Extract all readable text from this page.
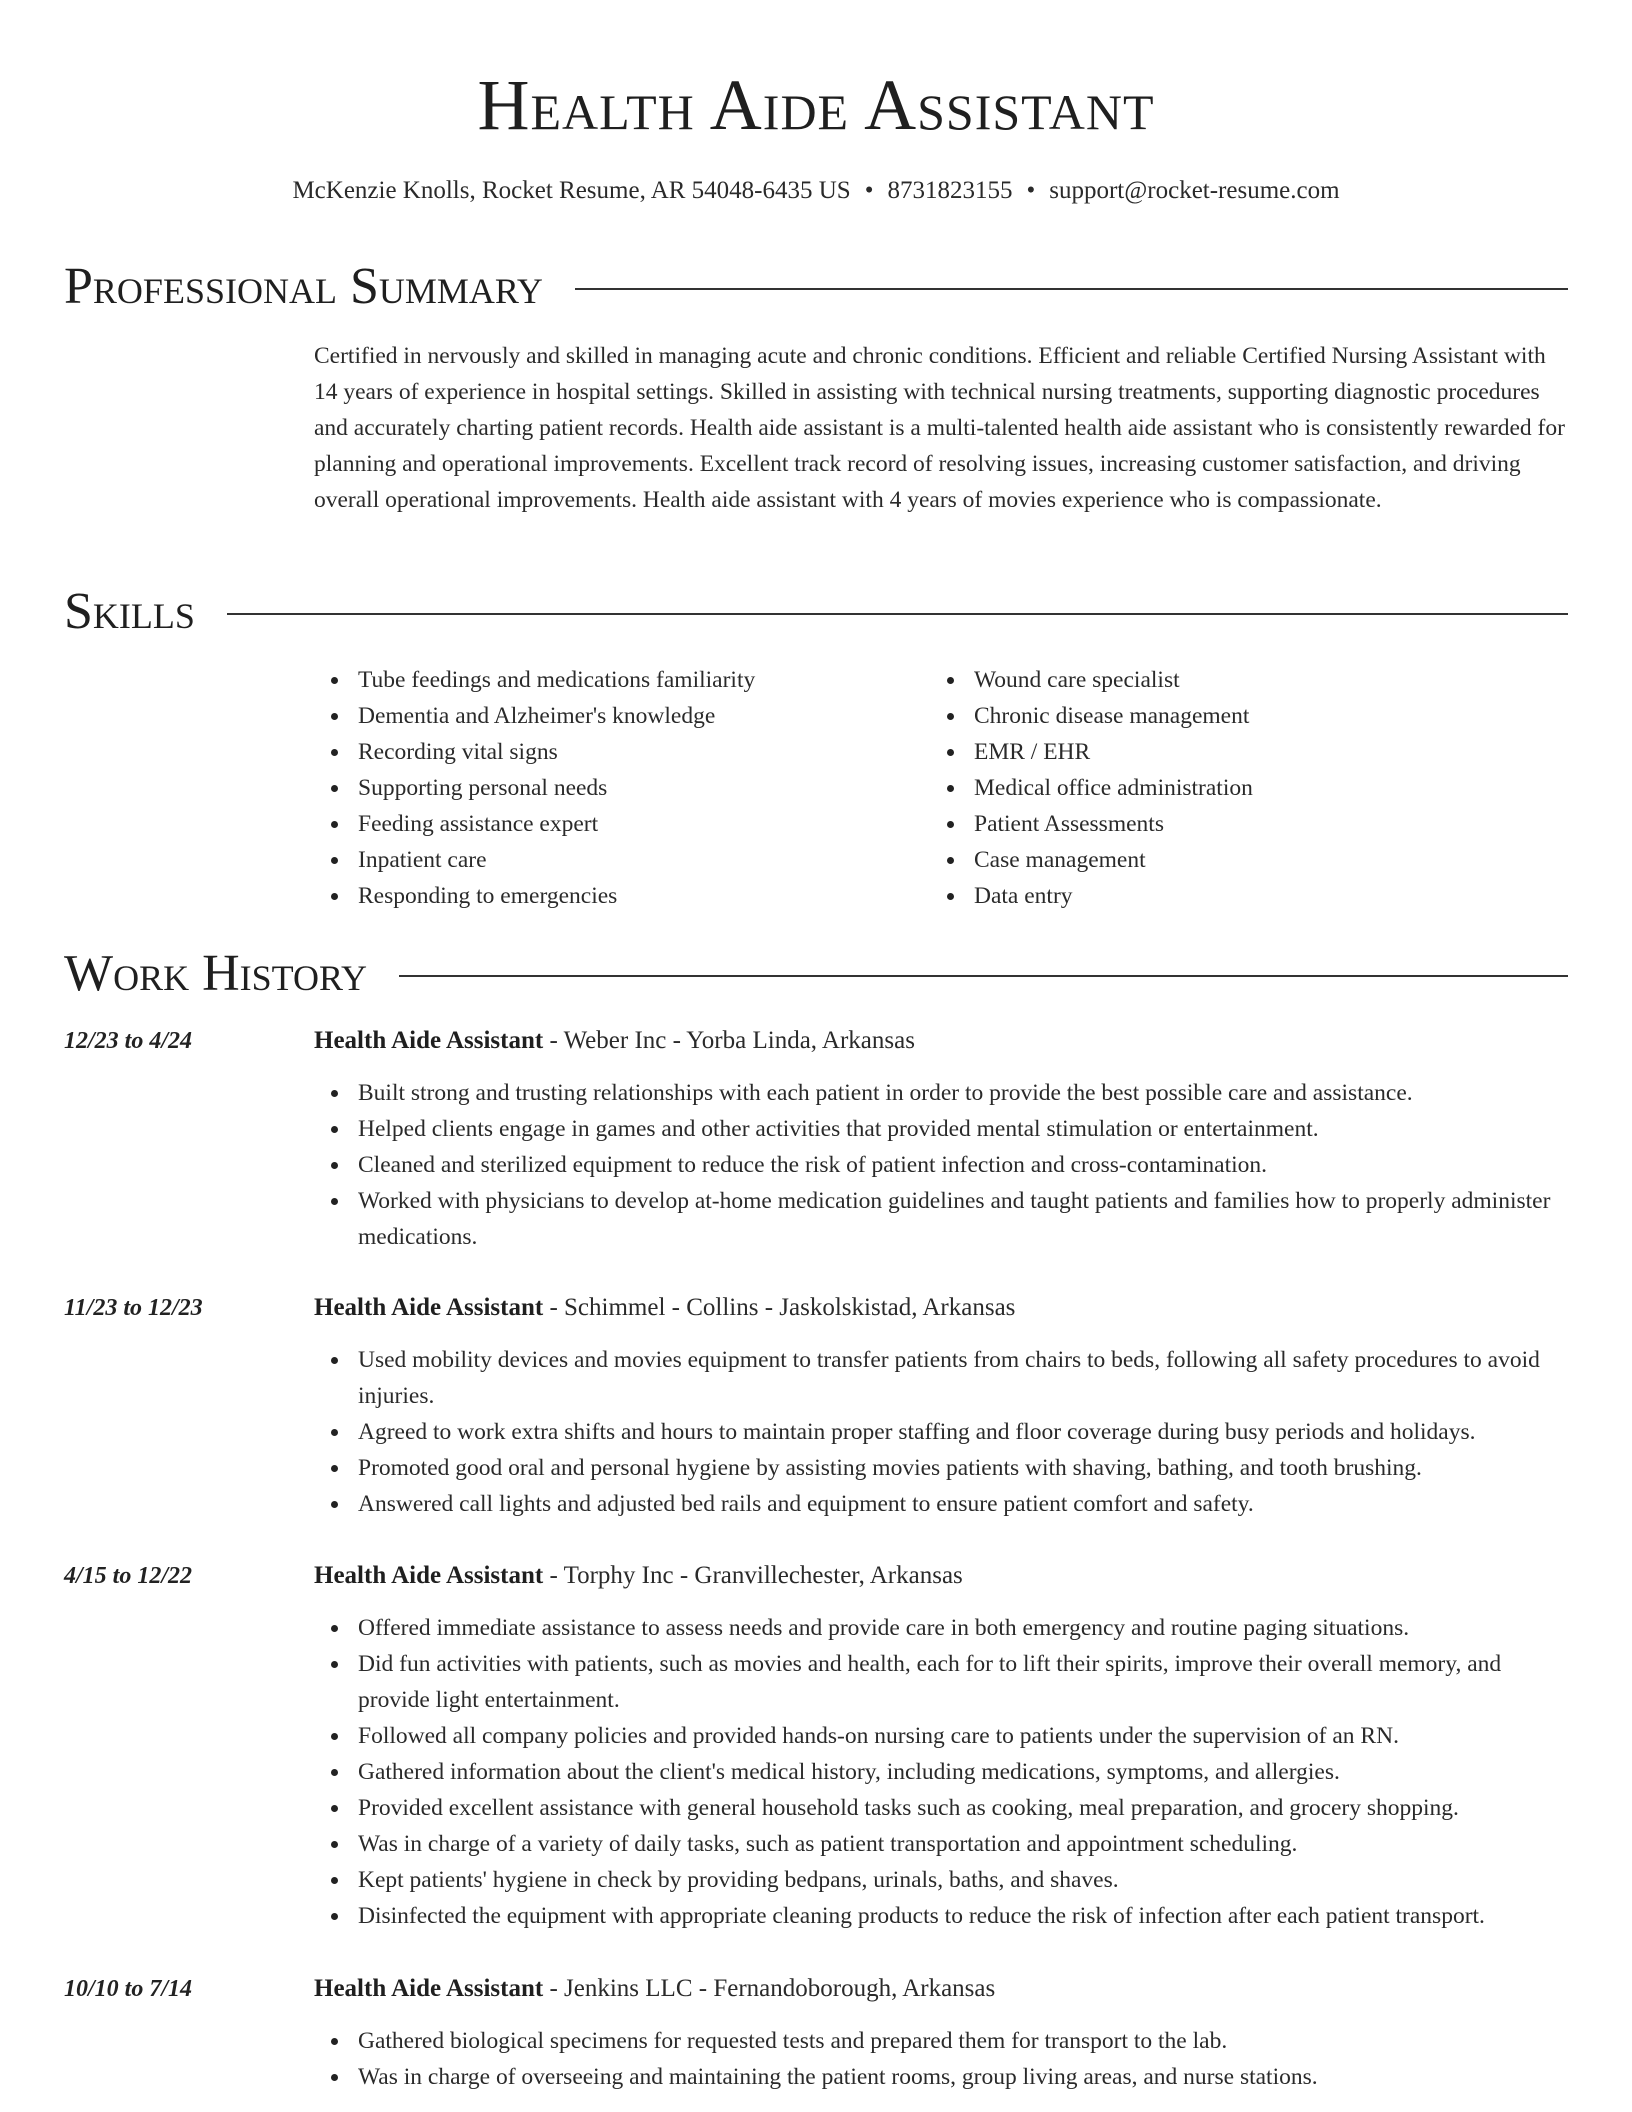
Health Aide Assistant
McKenzie Knolls, Rocket Resume, AR 54048-6435 US • 8731823155 • support@rocket-resume.com
Professional Summary
Certified in nervously and skilled in managing acute and chronic conditions. Efficient and reliable Certified Nursing Assistant with 14 years of experience in hospital settings. Skilled in assisting with technical nursing treatments, supporting diagnostic procedures and accurately charting patient records. Health aide assistant is a multi-talented health aide assistant who is consistently rewarded for planning and operational improvements. Excellent track record of resolving issues, increasing customer satisfaction, and driving overall operational improvements. Health aide assistant with 4 years of movies experience who is compassionate.
Skills
Tube feedings and medications familiarity
Dementia and Alzheimer's knowledge
Recording vital signs
Supporting personal needs
Feeding assistance expert
Inpatient care
Responding to emergencies
Wound care specialist
Chronic disease management
EMR / EHR
Medical office administration
Patient Assessments
Case management
Data entry
Work History
12/23 to 4/24	Health Aide Assistant - Weber Inc - Yorba Linda, Arkansas
Built strong and trusting relationships with each patient in order to provide the best possible care and assistance.
Helped clients engage in games and other activities that provided mental stimulation or entertainment.
Cleaned and sterilized equipment to reduce the risk of patient infection and cross-contamination.
Worked with physicians to develop at-home medication guidelines and taught patients and families how to properly administer medications.
11/23 to 12/23	Health Aide Assistant - Schimmel - Collins - Jaskolskistad, Arkansas
Used mobility devices and movies equipment to transfer patients from chairs to beds, following all safety procedures to avoid injuries.
Agreed to work extra shifts and hours to maintain proper staffing and floor coverage during busy periods and holidays.
Promoted good oral and personal hygiene by assisting movies patients with shaving, bathing, and tooth brushing.
Answered call lights and adjusted bed rails and equipment to ensure patient comfort and safety.
4/15 to 12/22	Health Aide Assistant - Torphy Inc - Granvillechester, Arkansas
Offered immediate assistance to assess needs and provide care in both emergency and routine paging situations.
Did fun activities with patients, such as movies and health, each for to lift their spirits, improve their overall memory, and provide light entertainment.
Followed all company policies and provided hands-on nursing care to patients under the supervision of an RN.
Gathered information about the client's medical history, including medications, symptoms, and allergies.
Provided excellent assistance with general household tasks such as cooking, meal preparation, and grocery shopping.
Was in charge of a variety of daily tasks, such as patient transportation and appointment scheduling.
Kept patients' hygiene in check by providing bedpans, urinals, baths, and shaves.
Disinfected the equipment with appropriate cleaning products to reduce the risk of infection after each patient transport.
10/10 to 7/14	Health Aide Assistant - Jenkins LLC - Fernandoborough, Arkansas
Gathered biological specimens for requested tests and prepared them for transport to the lab.
Was in charge of overseeing and maintaining the patient rooms, group living areas, and nurse stations.
